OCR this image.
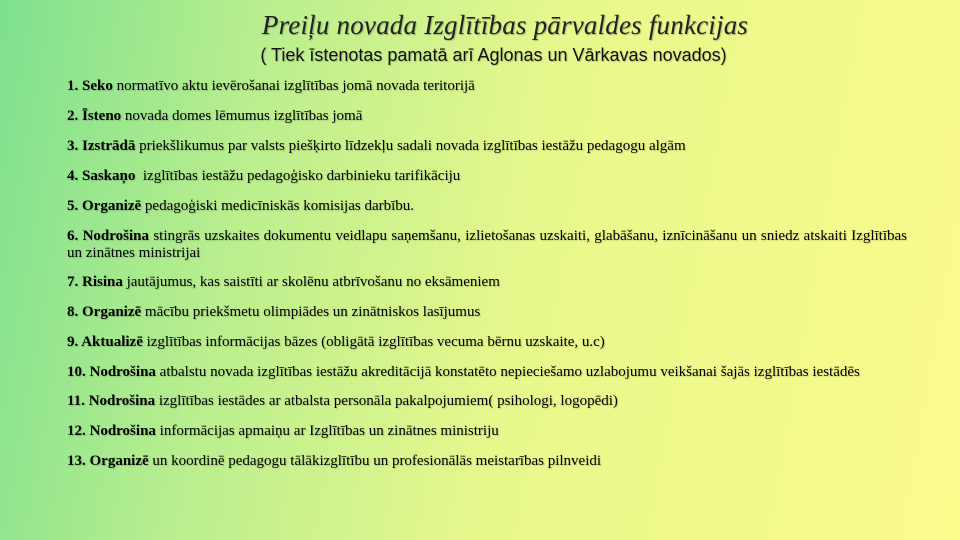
Preiļu novada Izglītības pārvaldes funkcijas
( Tiek īstenotas pamatā arī Aglonas un Vārkavas novados)
1. Seko normatīvo aktu ievērošanai izglītības jomā novada teritorijā
2. Īsteno novada domes lēmumus izglītības jomā
3. Izstrādā priekšlikumus par valsts piešķirto līdzekļu sadali novada izglītības iestāžu pedagogu algām
4. Saskaņo  izglītības iestāžu pedagoģisko darbinieku tarifikāciju
5. Organizē pedagoģiski medicīniskās komisijas darbību.
6. Nodrošina stingrās uzskaites dokumentu veidlapu saņemšanu, izlietošanas uzskaiti, glabāšanu, iznīcināšanu un sniedz atskaiti Izglītības un zinātnes ministrijai
7. Risina jautājumus, kas saistīti ar skolēnu atbrīvošanu no eksāmeniem
8. Organizē mācību priekšmetu olimpiādes un zinātniskos lasījumus
9. Aktualizē izglītības informācijas bāzes (obligātā izglītības vecuma bērnu uzskaite, u.c)
10. Nodrošina atbalstu novada izglītības iestāžu akreditācijā konstatēto nepieciešamo uzlabojumu veikšanai šajās izglītības iestādēs
11. Nodrošina izglītības iestādes ar atbalsta personāla pakalpojumiem( psihologi, logopēdi)
12. Nodrošina informācijas apmaiņu ar Izglītības un zinātnes ministriju
13. Organizē un koordinē pedagogu tālākizglītību un profesionālās meistarības pilnveidi
